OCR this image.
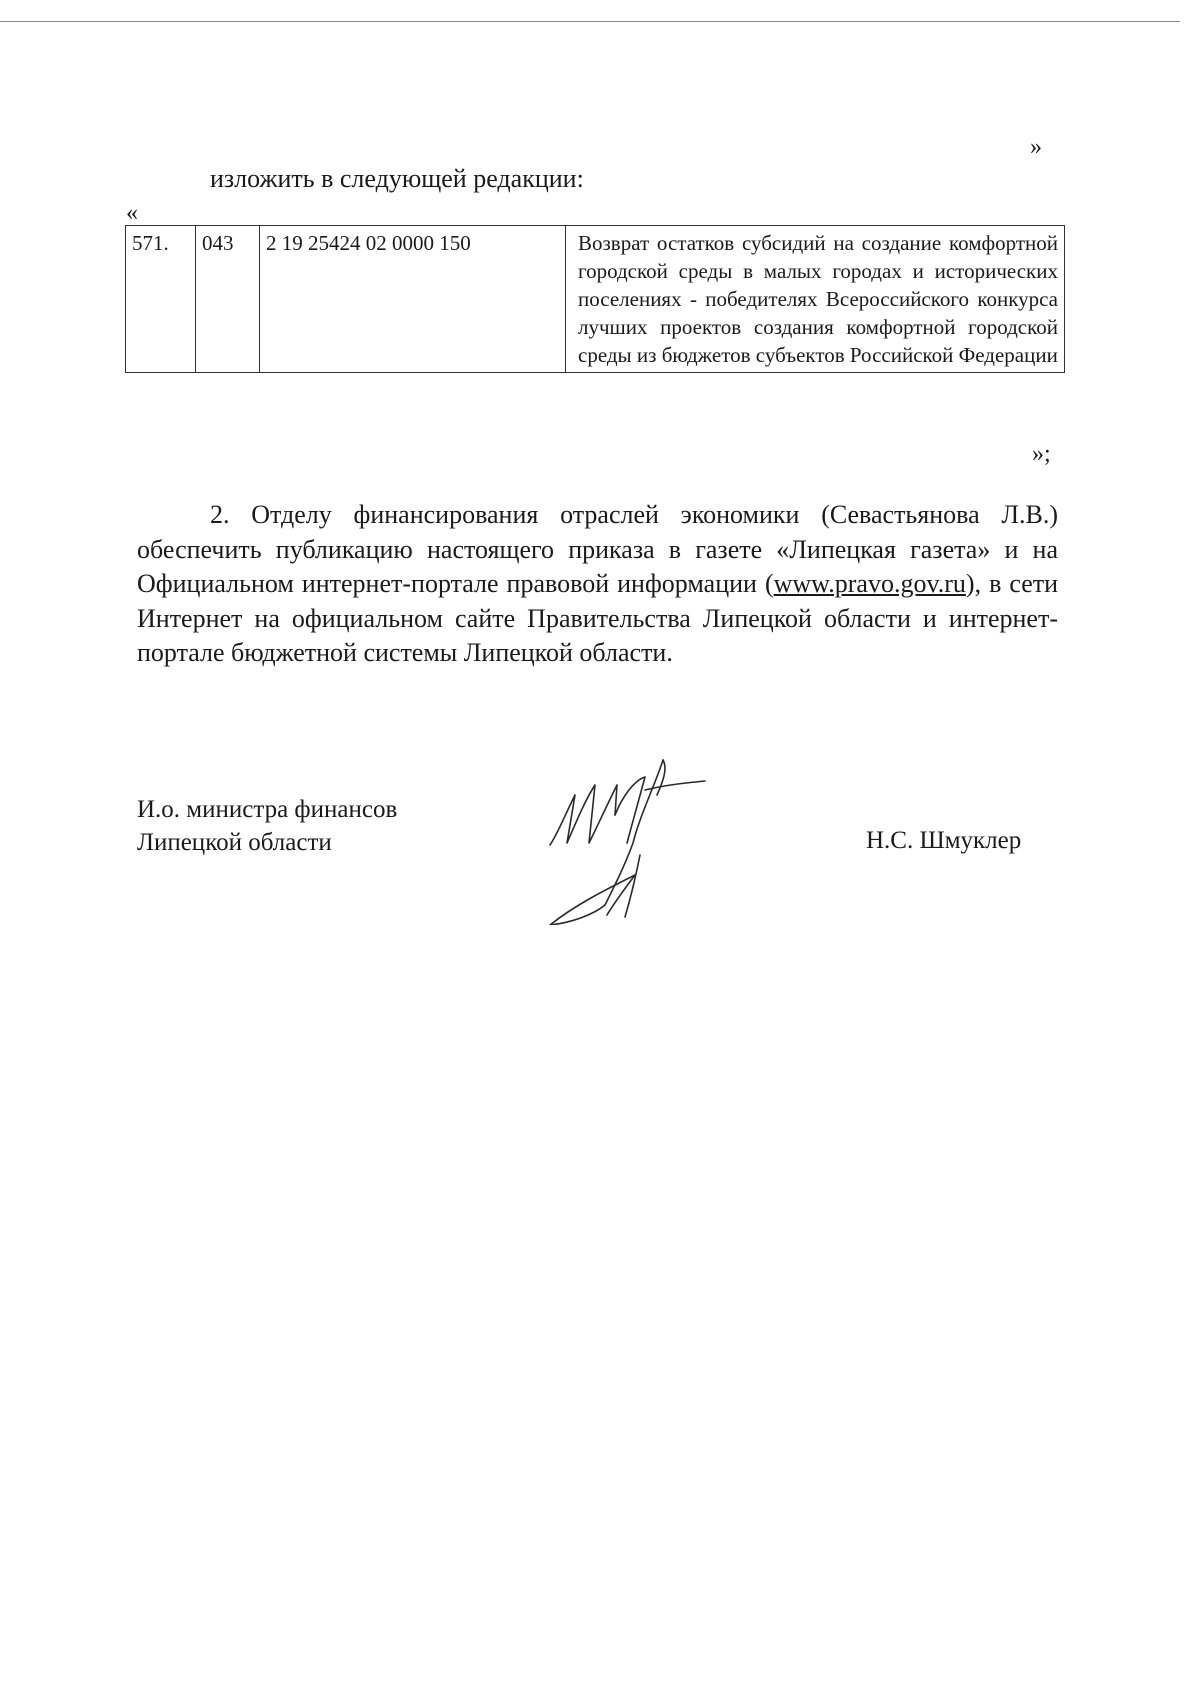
»
изложить в следующей редакции:
«
571.	043	2 19 25424 02 0000 150	Возврат остатков субсидий на создание комфортной городской среды в малых городах и исторических поселениях - победителях Всероссийского конкурса лучших проектов создания комфортной городской среды из бюджетов субъектов Российской Федерации
»;
2. Отделу финансирования отраслей экономики (Севастьянова Л.В.) обеспечить публикацию настоящего приказа в газете «Липецкая газета» и на Официальном интернет-портале правовой информации (www.pravo.gov.ru), в сети Интернет на официальном сайте Правительства Липецкой области и интернет-портале бюджетной системы Липецкой области.
И.о. министра финансов
Липецкой области	Н.С. Шмуклер
